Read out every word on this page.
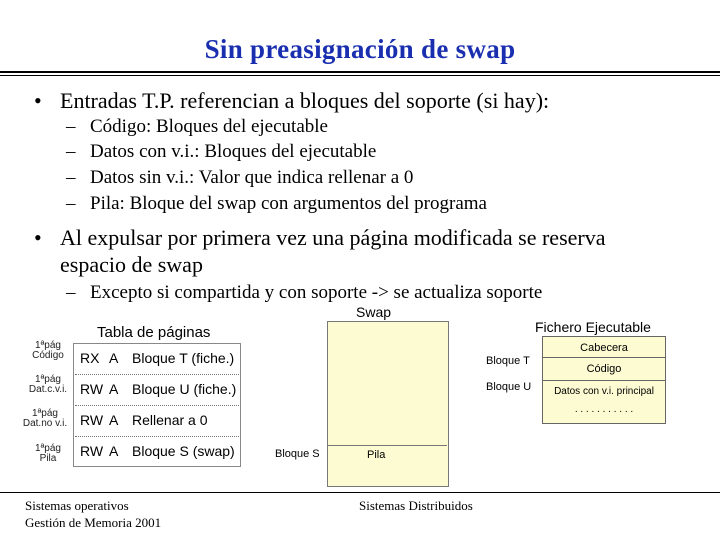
Sin preasignación de swap
• Entradas T.P. referencian a bloques del soporte (si hay):
– Código: Bloques del ejecutable
– Datos con v.i.: Bloques del ejecutable
– Datos sin v.i.: Valor que indica rellenar a 0
– Pila: Bloque del swap con argumentos del programa
• Al expulsar por primera vez una página modificada se reserva
espacio de swap
– Excepto si compartida y con soporte -> se actualiza soporte
Tabla de páginas
1ªpág
Código
1ªpág
Dat.c.v.i.
1ªpág
Dat.no v.i.
1ªpág
Pila
RX A Bloque T (fiche.)
RW A Bloque U (fiche.)
RW A Rellenar a 0
RW A Bloque S (swap)
Swap
Pila
Bloque S
Fichero Ejecutable
Cabecera
Código
Datos con v.i. principal
. . . . . . . . . . .
Bloque T
Bloque U
Sistemas operativos
Gestión de Memoria 2001
Sistemas Distribuidos
